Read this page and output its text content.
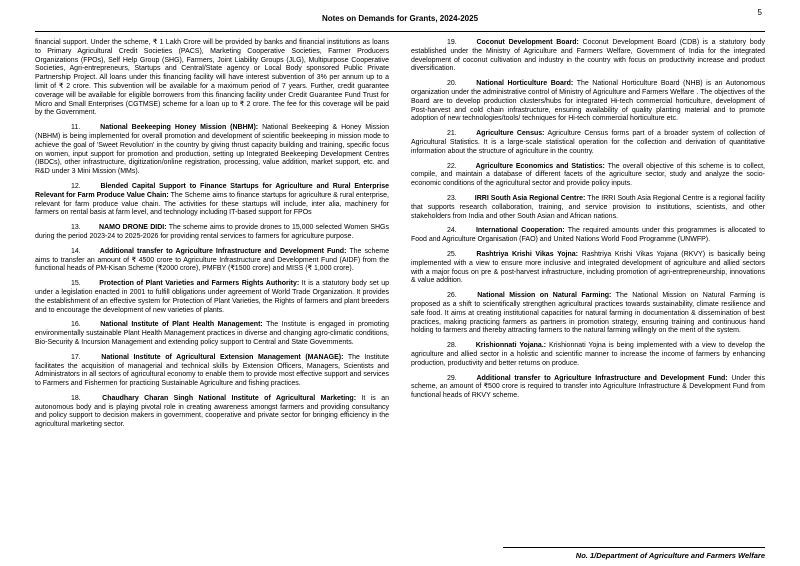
Notes on Demands for Grants, 2024-2025
5

financial support. Under the scheme, ₹ 1 Lakh Crore will be provided by banks and financial institutions as loans to Primary Agricultural Credit Societies (PACS), Marketing Cooperative Societies, Farmer Producers Organizations (FPOs), Self Help Group (SHG), Farmers, Joint Liability Groups (JLG), Multipurpose Cooperative Societies, Agri-entrepreneurs, Startups and Central/State agency or Local Body sponsored Public Private Partnership Project. All loans under this financing facility will have interest subvention of 3% per annum up to a limit of ₹ 2 crore. This subvention will be available for a maximum period of 7 years. Further, credit guarantee coverage will be available for eligible borrowers from this financing facility under Credit Guarantee Fund Trust for Micro and Small Enterprises (CGTMSE) scheme for a loan up to ₹ 2 crore. The fee for this coverage will be paid by the Government.

11.	National Beekeeping Honey Mission (NBHM): National Beekeeping & Honey Mission (NBHM) is being implemented for overall promotion and development of scientific beekeeping in mission mode to achieve the goal of 'Sweet Revolution' in the country by giving thrust capacity building and training, specific focus on women, input support for promotion and production, setting up Integrated Beekeeping Development Centres (IBDCs), other infrastructure, digitization/online registration, processing, value addition, market support, etc. and R&D under 3 Mini Mission (MMs).

12.	Blended Capital Support to Finance Startups for Agriculture and Rural Enterprise Relevant for Farm Produce Value Chain: The Scheme aims to finance startups for agriculture & rural enterprise, relevant for farm produce value chain. The activities for these startups will include, inter alia, machinery for farmers on rental basis at farm level, and technology including IT-based support for FPOs

13.	NAMO DRONE DIDI: The scheme aims to provide drones to 15,000 selected Women SHGs during the period 2023-24 to 2025-2026 for providing rental services to farmers for agriculture purpose.

14.	Additional transfer to Agriculture Infrastructure and Development Fund: The scheme aims to transfer an amount of ₹ 4500 crore to Agriculture Infrastructure and Development Fund (AIDF) from the functional heads of PM-Kisan Scheme (₹2000 crore), PMFBY (₹1500 crore) and MISS (₹ 1,000 crore).

15.	Protection of Plant Varieties and Farmers Rights Authority: It is a statutory body set up under a legislation enacted in 2001 to fulfill obligations under agreement of World Trade Organization. It provides the establishment of an effective system for Protection of Plant Varieties, the Rights of farmers and plant breeders and to encourage the development of new varieties of plants.

16.	National Institute of Plant Health Management: The Institute is engaged in promoting environmentally sustainable Plant Health Management practices in diverse and changing agro-climatic conditions, Bio-Security & Incursion Management and extending policy support to Central and State Governments.

17.	National Institute of Agricultural Extension Management (MANAGE): The Institute facilitates the acquisition of managerial and technical skills by Extension Officers, Managers, Scientists and Administrators in all sectors of agricultural economy to enable them to provide most effective support and services to Farmers and Fishermen for practicing Sustainable Agriculture and fishing practices.

18.	Chaudhary Charan Singh National Institute of Agricultural Marketing: It is an autonomous body and is playing pivotal role in creating awareness amongst farmers and providing consultancy and policy support to decision makers in government, cooperative and private sector for bringing efficiency in the agricultural marketing sector.

19.	Coconut Development Board: Coconut Development Board (CDB) is a statutory body established under the Ministry of Agriculture and Farmers Welfare, Government of India for the integrated development of coconut cultivation and industry in the country with focus on productivity increase and product diversification.

20.	National Horticulture Board: The National Horticulture Board (NHB) is an Autonomous organization under the administrative control of Ministry of Agriculture and Farmers Welfare . The objectives of the Board are to develop production clusters/hubs for integrated Hi-tech commercial horticulture, development of Post-harvest and cold chain infrastructure, ensuring availability of quality planting material and to promote adoption of new technologies/tools/ techniques for Hi-tech commercial horticulture etc.

21.	Agriculture Census: Agriculture Census forms part of a broader system of collection of Agricultural Statistics. It is a large-scale statistical operation for the collection and derivation of quantitative information about the structure of agriculture in the country.

22.	Agriculture Economics and Statistics: The overall objective of this scheme is to collect, compile, and maintain a database of different facets of the agriculture sector, study and analyze the socio-economic conditions of the agricultural sector and provide policy inputs.

23.	IRRI South Asia Regional Centre: The IRRI South Asia Regional Centre is a regional facility that supports research collaboration, training, and service provision to institutions, scientists, and other stakeholders from India and other South Asian and African nations.

24.	International Cooperation: The required amounts under this programmes is allocated to Food and Agriculture Organisation (FAO) and United Nations World Food Programme (UNWFP).

25.	Rashtriya Krishi Vikas Yojna: Rashtriya Krishi Vikas Yojana (RKVY) is basically being implemented with a view to ensure more inclusive and integrated development of agriculture and allied sectors with a major focus on pre & post-harvest infrastructure, including promotion of agri-entrepreneurship, innovations & value addition.

26.	National Mission on Natural Farming: The National Mission on Natural Farming is proposed as a shift to scientifically strengthen agricultural practices towards sustainability, climate resilience and safe food. It aims at creating institutional capacities for natural farming in documentation & dissemination of best practices, making practicing farmers as partners in promotion strategy, ensuring training and continuous hand holding to farmers and thereby attracting farmers to the natural farming willingly on the merit of the system.

28.	Krishionnati Yojana.: Krishionnati Yojna is being implemented with a view to develop the agriculture and allied sector in a holistic and scientific manner to increase the income of farmers by enhancing production, productivity and better returns on produce.

29.	Additional transfer to Agriculture Infrastructure and Development Fund: Under this scheme, an amount of ₹500 crore is required to transfer into Agriculture Infrastructure & Development Fund from functional heads of RKVY scheme.

No. 1/Department of Agriculture and Farmers Welfare
